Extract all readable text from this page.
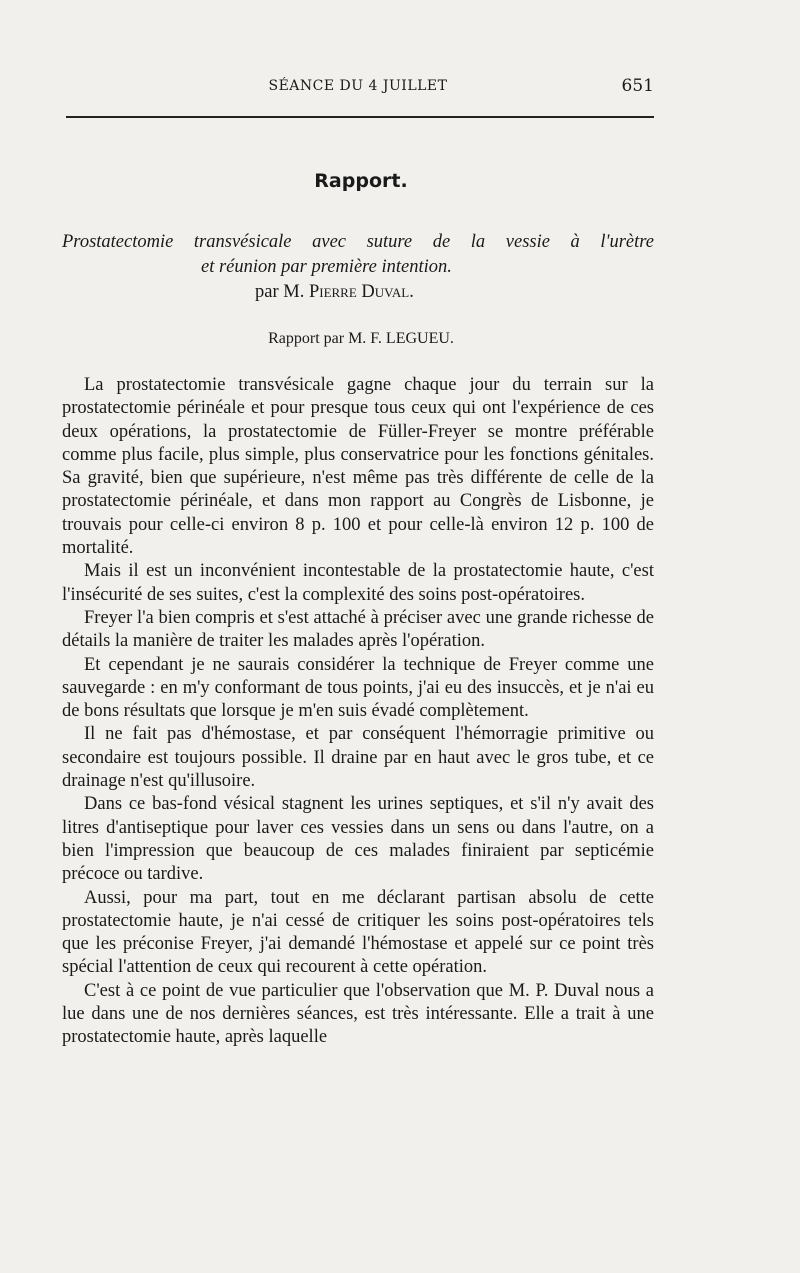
SÉANCE DU 4 JUILLET	651
Rapport.
Prostatectomie transvésicale avec suture de la vessie à l'urètre
et réunion par première intention.
par M. Pierre Duval.
Rapport par M. F. LEGUEU.

La prostatectomie transvésicale gagne chaque jour du terrain sur la prostatectomie périnéale et pour presque tous ceux qui ont l'expérience de ces deux opérations, la prostatectomie de Füller-Freyer se montre préférable comme plus facile, plus simple, plus conservatrice pour les fonctions génitales. Sa gravité, bien que supérieure, n'est même pas très différente de celle de la prostatectomie périnéale, et dans mon rapport au Congrès de Lisbonne, je trouvais pour celle-ci environ 8 p. 100 et pour celle-là environ 12 p. 100 de mortalité.

Mais il est un inconvénient incontestable de la prostatectomie haute, c'est l'insécurité de ses suites, c'est la complexité des soins post-opératoires.

Freyer l'a bien compris et s'est attaché à préciser avec une grande richesse de détails la manière de traiter les malades après l'opération.

Et cependant je ne saurais considérer la technique de Freyer comme une sauvegarde : en m'y conformant de tous points, j'ai eu des insuccès, et je n'ai eu de bons résultats que lorsque je m'en suis évadé complètement.

Il ne fait pas d'hémostase, et par conséquent l'hémorragie primitive ou secondaire est toujours possible. Il draine par en haut avec le gros tube, et ce drainage n'est qu'illusoire.

Dans ce bas-fond vésical stagnent les urines septiques, et s'il n'y avait des litres d'antiseptique pour laver ces vessies dans un sens ou dans l'autre, on a bien l'impression que beaucoup de ces malades finiraient par septicémie précoce ou tardive.

Aussi, pour ma part, tout en me déclarant partisan absolu de cette prostatectomie haute, je n'ai cessé de critiquer les soins post-opératoires tels que les préconise Freyer, j'ai demandé l'hémostase et appelé sur ce point très spécial l'attention de ceux qui recourent à cette opération.

C'est à ce point de vue particulier que l'observation que M. P. Duval nous a lue dans une de nos dernières séances, est très intéressante. Elle a trait à une prostatectomie haute, après laquelle
